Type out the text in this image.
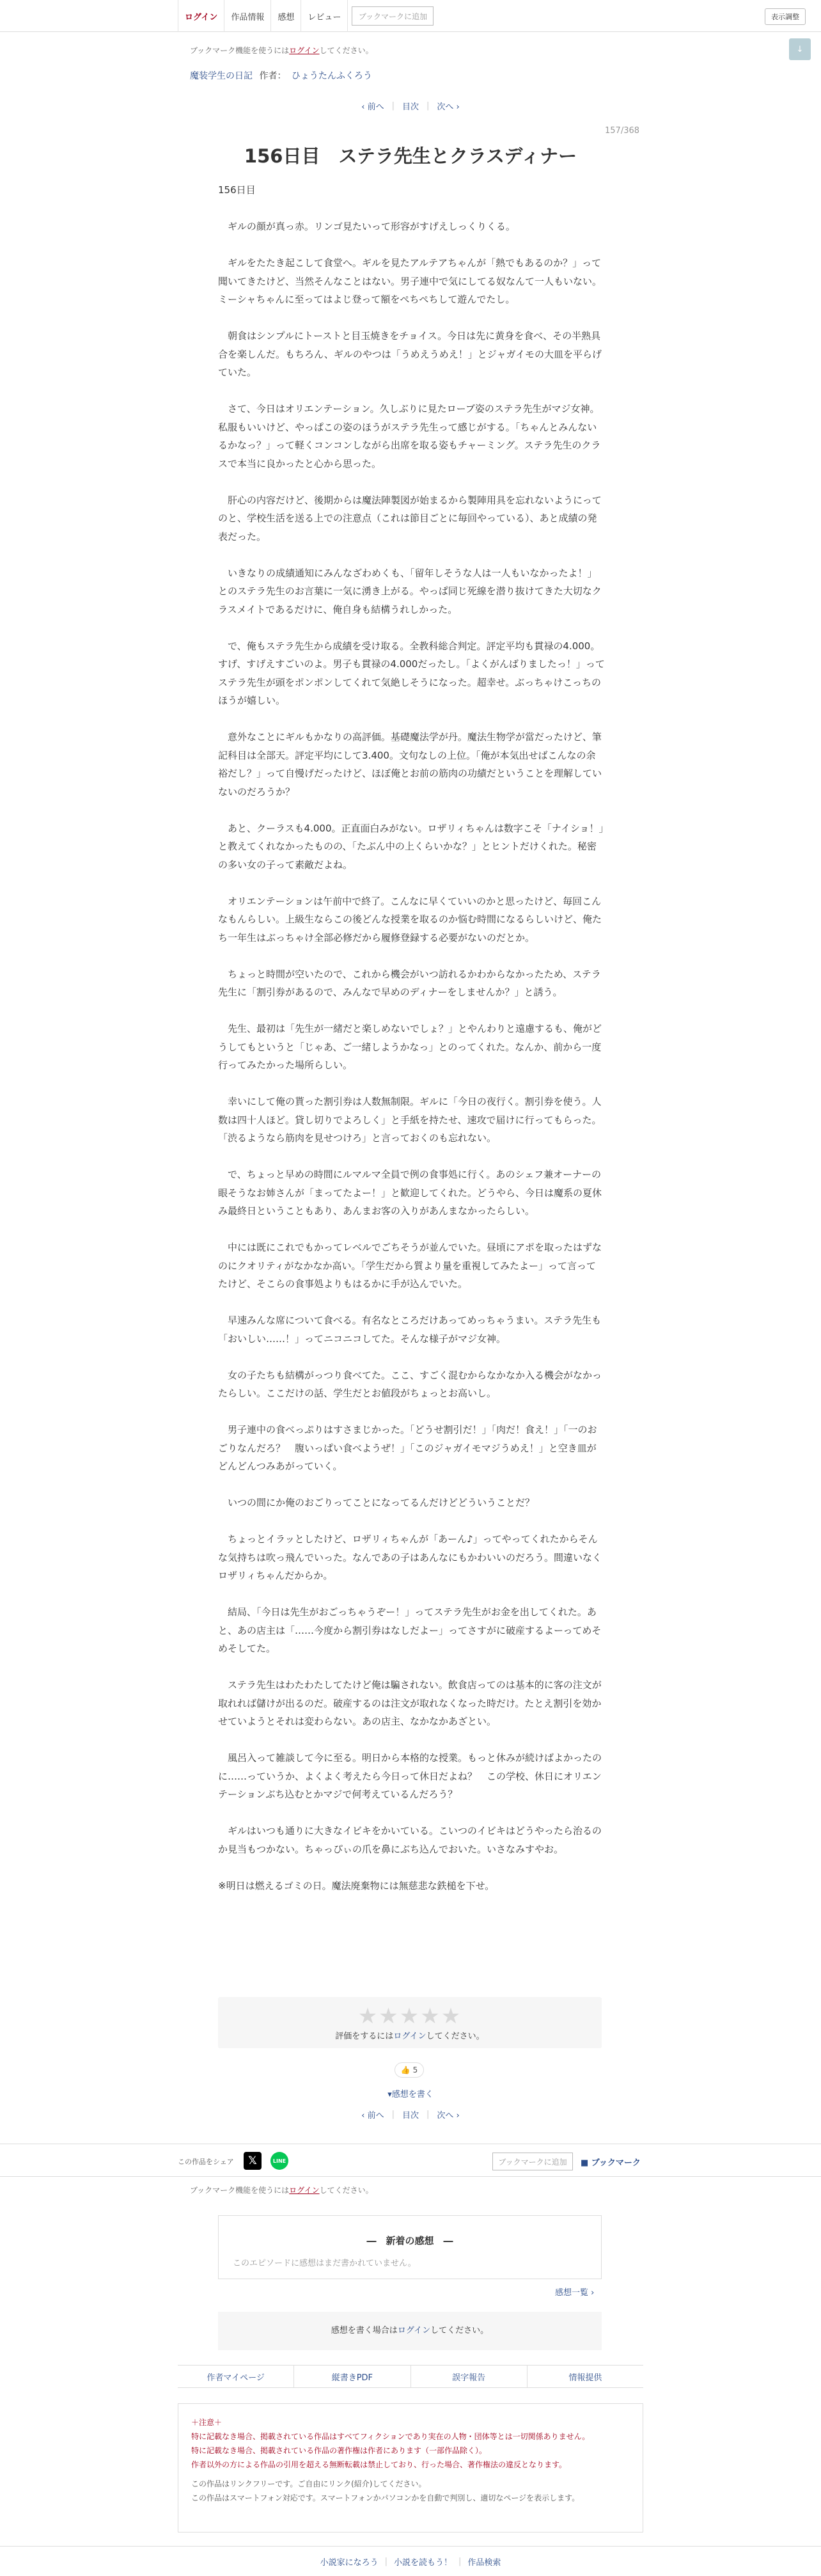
ログイン	作品情報	感想	レビュー	ブックマークに追加	表示調整
↓
ブックマーク機能を使うにはログインしてください。
魔装学生の日記 作者： ひょうたんふくろう
‹ 前へ | 目次 | 次へ ›
157/368
156日目　ステラ先生とクラスディナー
156日目

　ギルの顔が真っ赤。リンゴ見たいって形容がすげえしっくりくる。

　ギルをたたき起こして食堂へ。ギルを見たアルテアちゃんが「熱でもあるのか？」って聞いてきたけど、当然そんなことはない。男子連中で気にしてる奴なんて一人もいない。ミーシャちゃんに至ってはよじ登って額をぺちぺちして遊んでたし。

　朝食はシンプルにトーストと目玉焼きをチョイス。今日は先に黄身を食べ、その半熟具合を楽しんだ。もちろん、ギルのやつは「うめえうめえ！」とジャガイモの大皿を平らげていた。

　さて、今日はオリエンテーション。久しぶりに見たローブ姿のステラ先生がマジ女神。私服もいいけど、やっぱこの姿のほうがステラ先生って感じがする。「ちゃんとみんないるかなっ？」って軽くコンコンしながら出席を取る姿もチャーミング。ステラ先生のクラスで本当に良かったと心から思った。

　肝心の内容だけど、後期からは魔法陣製図が始まるから製陣用具を忘れないようにってのと、学校生活を送る上での注意点（これは節目ごとに毎回やっている）、あと成績の発表だった。

　いきなりの成績通知にみんなざわめくも、「留年しそうな人は一人もいなかったよ！」とのステラ先生のお言葉に一気に湧き上がる。やっぱ同じ死線を潜り抜けてきた大切なクラスメイトであるだけに、俺自身も結構うれしかった。

　で、俺もステラ先生から成績を受け取る。全教科総合判定。評定平均も貫禄の4.000。すげ、すげえすごいのよ。男子も貫禄の4.000だったし。「よくがんばりましたっ！」ってステラ先生が頭をポンポンしてくれて気絶しそうになった。超幸せ。ぶっちゃけこっちのほうが嬉しい。

　意外なことにギルもかなりの高評価。基礎魔法学が丹。魔法生物学が當だったけど、筆記科目は全部天。評定平均にして3.400。文句なしの上位。「俺が本気出せばこんなの余裕だし？」って自慢げだったけど、ほぼ俺とお前の筋肉の功績だということを理解していないのだろうか？

　あと、クーラスも4.000。正直面白みがない。ロザリィちゃんは数字こそ「ナイショ！」と教えてくれなかったものの、「たぶん中の上くらいかな？」とヒントだけくれた。秘密の多い女の子って素敵だよね。

　オリエンテーションは午前中で終了。こんなに早くていいのかと思ったけど、毎回こんなもんらしい。上級生ならこの後どんな授業を取るのか悩む時間になるらしいけど、俺たち一年生はぶっちゃけ全部必修だから履修登録する必要がないのだとか。

　ちょっと時間が空いたので、これから機会がいつ訪れるかわからなかったため、ステラ先生に「割引券があるので、みんなで早めのディナーをしませんか？」と誘う。

　先生、最初は「先生が一緒だと楽しめないでしょ？」とやんわりと遠慮するも、俺がどうしてもというと「じゃあ、ご一緒しようかなっ」とのってくれた。なんか、前から一度行ってみたかった場所らしい。

　幸いにして俺の貰った割引券は人数無制限。ギルに「今日の夜行く。割引券を使う。人数は四十人ほど。貸し切りでよろしく」と手紙を持たせ、速攻で届けに行ってもらった。「渋るようなら筋肉を見せつけろ」と言っておくのも忘れない。

　で、ちょっと早めの時間にルマルマ全員で例の食事処に行く。あのシェフ兼オーナーの眼そうなお姉さんが「まってたよー！」と歓迎してくれた。どうやら、今日は魔系の夏休み最終日ということもあり、あんまお客の入りがあんまなかったらしい。

　中には既にこれでもかってレベルでごちそうが並んでいた。昼頃にアポを取ったはずなのにクオリティがなかなか高い。「学生だから質より量を重視してみたよー」って言ってたけど、そこらの食事処よりもはるかに手が込んでいた。

　早速みんな席について食べる。有名なところだけあってめっちゃうまい。ステラ先生も「おいしい……！」ってニコニコしてた。そんな様子がマジ女神。

　女の子たちも結構がっつり食べてた。ここ、すごく混むからなかなか入る機会がなかったらしい。ここだけの話、学生だとお値段がちょっとお高いし。

　男子連中の食べっぷりはすさまじかった。「どうせ割引だ！」「肉だ！食え！」「一のおごりなんだろ？　腹いっぱい食べようぜ！」「このジャガイモマジうめえ！」と空き皿がどんどんつみあがっていく。

　いつの間にか俺のおごりってことになってるんだけどどういうことだ？

　ちょっとイラッとしたけど、ロザリィちゃんが「あーん♪」ってやってくれたからそんな気持ちは吹っ飛んでいった。なんであの子はあんなにもかわいいのだろう。間違いなくロザリィちゃんだからか。

　結局、「今日は先生がおごっちゃうぞー！」ってステラ先生がお金を出してくれた。あと、あの店主は「……今度から割引券はなしだよー」ってさすがに破産するよーってめそめそしてた。

　ステラ先生はわたわたしてたけど俺は騙されない。飲食店ってのは基本的に客の注文が取れれば儲けが出るのだ。破産するのは注文が取れなくなった時だけ。たとえ割引を効かせていようとそれは変わらない。あの店主、なかなかあざとい。

　風呂入って雑談して今に至る。明日から本格的な授業。もっと休みが続けばよかったのに……っていうか、よくよく考えたら今日って休日だよね？　この学校、休日にオリエンテーションぶち込むとかマジで何考えているんだろう？

　ギルはいつも通りに大きなイビキをかいている。こいつのイビキはどうやったら治るのか見当もつかない。ちゃっぴぃの爪を鼻にぶち込んでおいた。いさなみすやお。

※明日は燃えるゴミの日。魔法廃棄物には無慈悲な鉄槌を下せ。

★★★★★
評価をするにはログインしてください。
👍 5
▾感想を書く
‹ 前へ | 目次 | 次へ ›
この作品をシェア	𝕏	LINE	ブックマークに追加	■ ブックマーク
ブックマーク機能を使うにはログインしてください。
―　新着の感想　―
このエピソードに感想はまだ書かれていません。
感想一覧 ›
感想を書く場合はログインしてください。
作者マイページ	縦書きPDF	誤字報告	情報提供
＋注意＋
特に記載なき場合、掲載されている作品はすべてフィクションであり実在の人物・団体等とは一切関係ありません。
特に記載なき場合、掲載されている作品の著作権は作者にあります（一部作品除く）。
作者以外の方による作品の引用を超える無断転載は禁止しており、行った場合、著作権法の違反となります。
この作品はリンクフリーです。ご自由にリンク(紹介)してください。
この作品はスマートフォン対応です。スマートフォンかパソコンかを自動で判別し、適切なページを表示します。
小説家になろう | 小説を読もう！ | 作品検索
